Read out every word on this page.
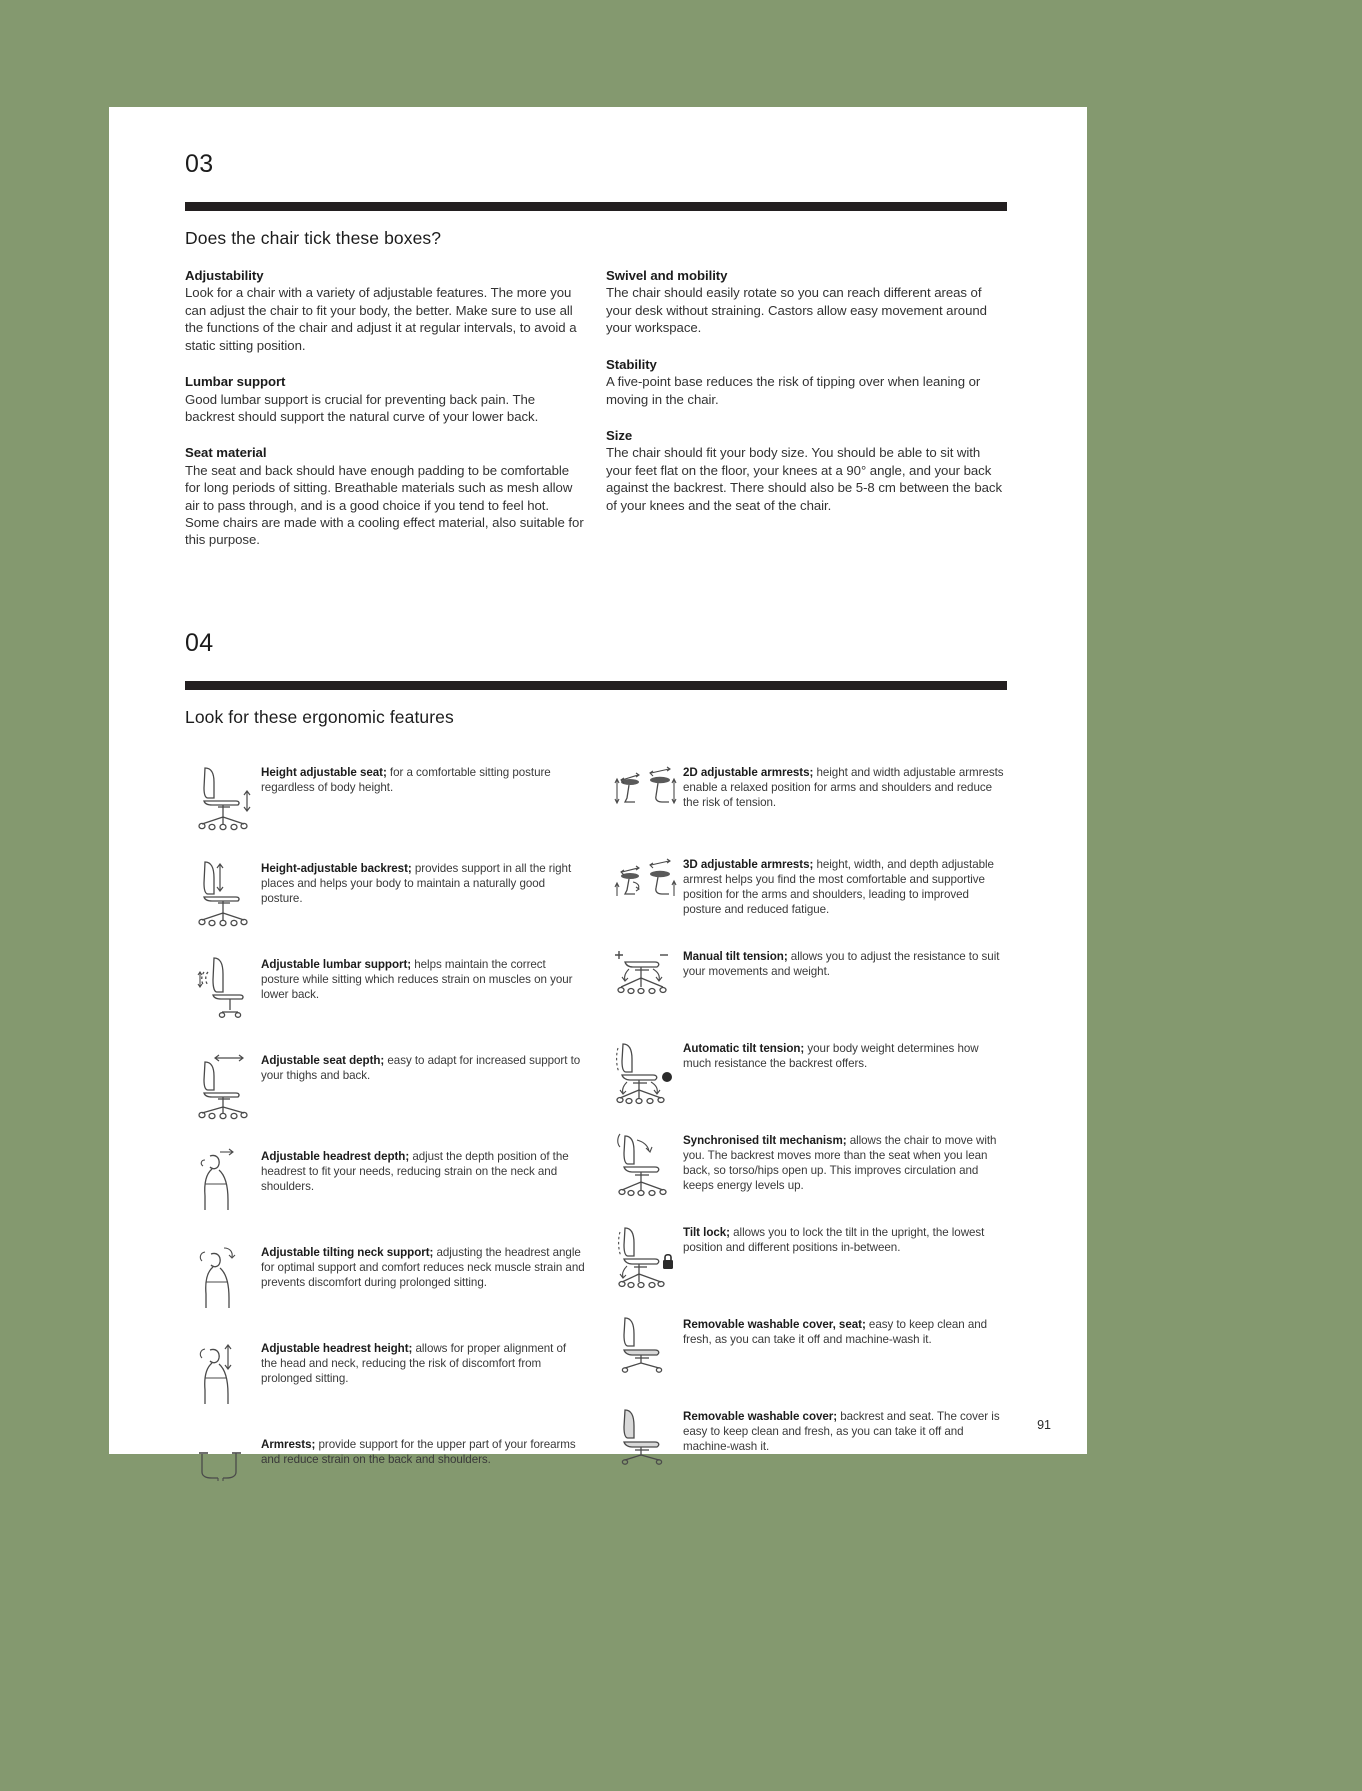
03
Does the chair tick these boxes?
Adjustability

Look for a chair with a variety of adjustable features. The more you can adjust the chair to fit your body, the better. Make sure to use all the functions of the chair and adjust it at regular intervals, to avoid a static sitting position.

Lumbar support

Good lumbar support is crucial for preventing back pain. The backrest should support the natural curve of your lower back.

Seat material

The seat and back should have enough padding to be comfortable for long periods of sitting. Breathable materials such as mesh allow air to pass through, and is a good choice if you tend to feel hot. Some chairs are made with a cooling effect material, also suitable for this purpose.

Swivel and mobility

The chair should easily rotate so you can reach different areas of your desk without straining. Castors allow easy movement around your workspace.

Stability

A five-point base reduces the risk of tipping over when leaning or moving in the chair.

Size

The chair should fit your body size. You should be able to sit with your feet flat on the floor, your knees at a 90° angle, and your back against the backrest. There should also be 5-8 cm between the back of your knees and the seat of the chair.

04
Look for these ergonomic features
Height adjustable seat; for a comfortable sitting posture regardless of body height.
Height-adjustable backrest; provides support in all the right places and helps your body to maintain a naturally good posture.
Adjustable lumbar support; helps maintain the correct posture while sitting which reduces strain on muscles on your lower back.
Adjustable seat depth; easy to adapt for increased support to your thighs and back.
Adjustable headrest depth; adjust the depth position of the headrest to fit your needs, reducing strain on the neck and shoulders.
Adjustable tilting neck support; adjusting the headrest angle for optimal support and comfort reduces neck muscle strain and prevents discomfort during prolonged sitting.
Adjustable headrest height; allows for proper alignment of the head and neck, reducing the risk of discomfort from prolonged sitting.
Armrests; provide support for the upper part of your forearms and reduce strain on the back and shoulders.
2D adjustable armrests; height and width adjustable armrests enable a relaxed position for arms and shoulders and reduce the risk of tension.
3D adjustable armrests; height, width, and depth adjustable armrest helps you find the most comfortable and supportive position for the arms and shoulders, leading to improved posture and reduced fatigue.
Manual tilt tension; allows you to adjust the resistance to suit your movements and weight.
Automatic tilt tension; your body weight determines how much resistance the backrest offers.
Synchronised tilt mechanism; allows the chair to move with you. The backrest moves more than the seat when you lean back, so torso/hips open up. This improves circulation and keeps energy levels up.
Tilt lock; allows you to lock the tilt in the upright, the lowest position and different positions in-between.
Removable washable cover, seat; easy to keep clean and fresh, as you can take it off and machine-wash it.
Removable washable cover; backrest and seat. The cover is easy to keep clean and fresh, as you can take it off and machine-wash it.
91
